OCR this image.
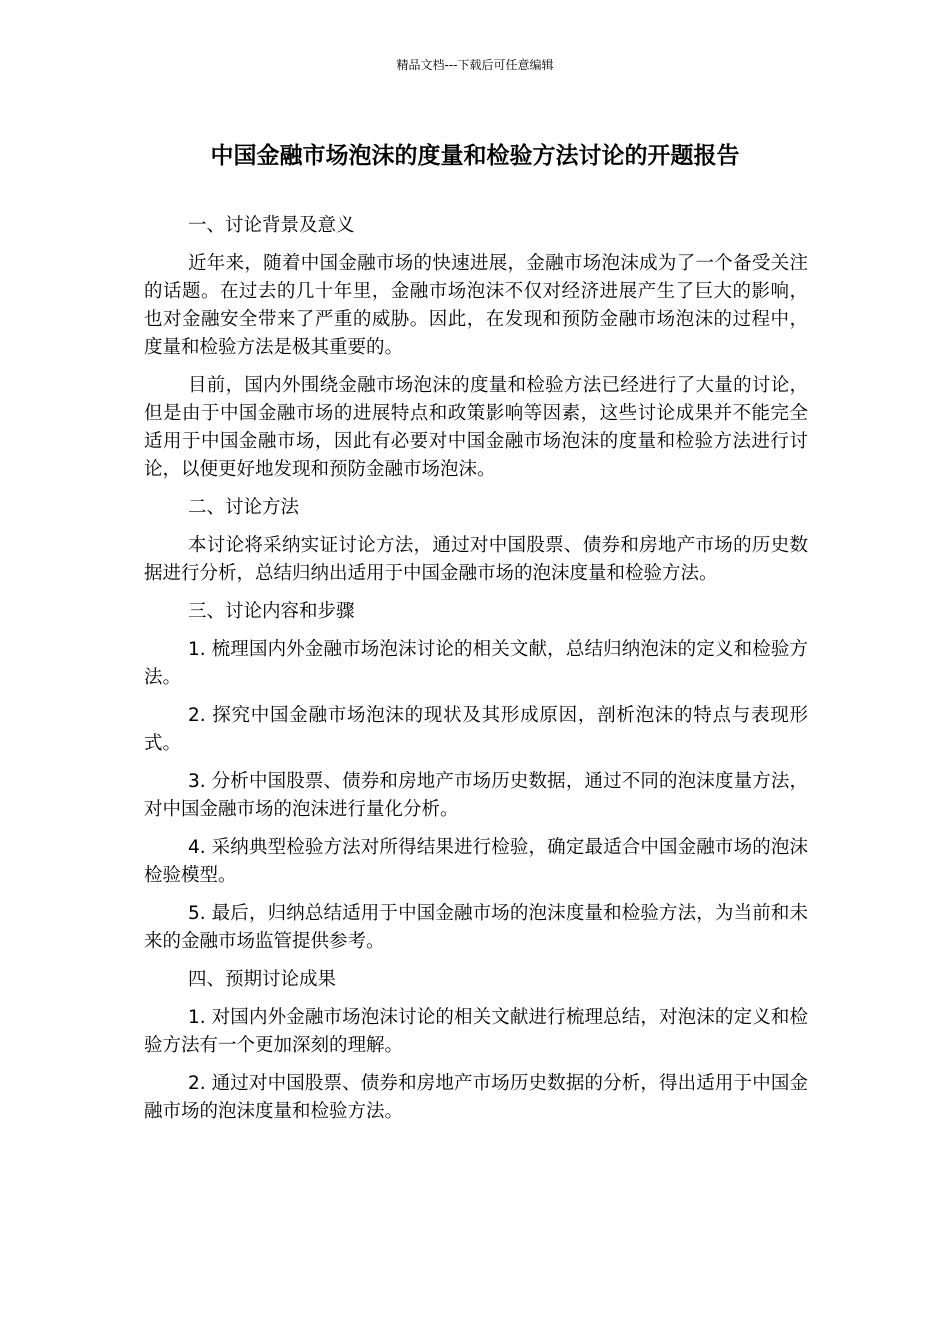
精品文档---下载后可任意编辑
中国金融市场泡沫的度量和检验方法讨论的开题报告

一、讨论背景及意义

近年来，随着中国金融市场的快速进展，金融市场泡沫成为了一个备受关注的话题。在过去的几十年里，金融市场泡沫不仅对经济进展产生了巨大的影响，也对金融安全带来了严重的威胁。因此，在发现和预防金融市场泡沫的过程中，度量和检验方法是极其重要的。

目前，国内外围绕金融市场泡沫的度量和检验方法已经进行了大量的讨论，但是由于中国金融市场的进展特点和政策影响等因素，这些讨论成果并不能完全适用于中国金融市场，因此有必要对中国金融市场泡沫的度量和检验方法进行讨论，以便更好地发现和预防金融市场泡沫。

二、讨论方法

本讨论将采纳实证讨论方法，通过对中国股票、债券和房地产市场的历史数据进行分析，总结归纳出适用于中国金融市场的泡沫度量和检验方法。

三、讨论内容和步骤

1. 梳理国内外金融市场泡沫讨论的相关文献，总结归纳泡沫的定义和检验方法。

2. 探究中国金融市场泡沫的现状及其形成原因，剖析泡沫的特点与表现形式。

3. 分析中国股票、债券和房地产市场历史数据，通过不同的泡沫度量方法，对中国金融市场的泡沫进行量化分析。

4. 采纳典型检验方法对所得结果进行检验，确定最适合中国金融市场的泡沫检验模型。

5. 最后，归纳总结适用于中国金融市场的泡沫度量和检验方法，为当前和未来的金融市场监管提供参考。

四、预期讨论成果

1. 对国内外金融市场泡沫讨论的相关文献进行梳理总结，对泡沫的定义和检验方法有一个更加深刻的理解。

2. 通过对中国股票、债券和房地产市场历史数据的分析，得出适用于中国金融市场的泡沫度量和检验方法。
